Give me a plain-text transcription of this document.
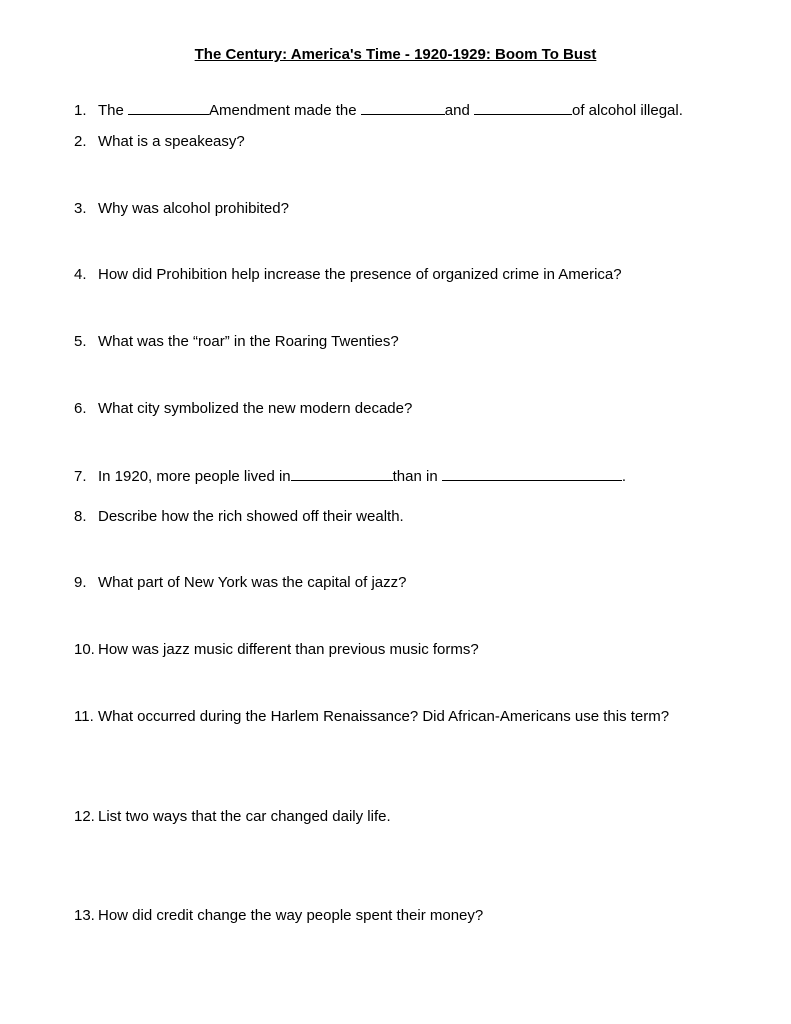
The Century: America's Time - 1920-1929: Boom To Bust
1. The	Amendment made the	and	of alcohol illegal.
2. What is a speakeasy?
3. Why was alcohol prohibited?
4. How did Prohibition help increase the presence of organized crime in America?
5. What was the “roar” in the Roaring Twenties?
6. What city symbolized the new modern decade?
7. In 1920, more people lived in	than in	.
8. Describe how the rich showed off their wealth.
9. What part of New York was the capital of jazz?
10. How was jazz music different than previous music forms?
11. What occurred during the Harlem Renaissance? Did African-Americans use this term?
12. List two ways that the car changed daily life.
13. How did credit change the way people spent their money?
